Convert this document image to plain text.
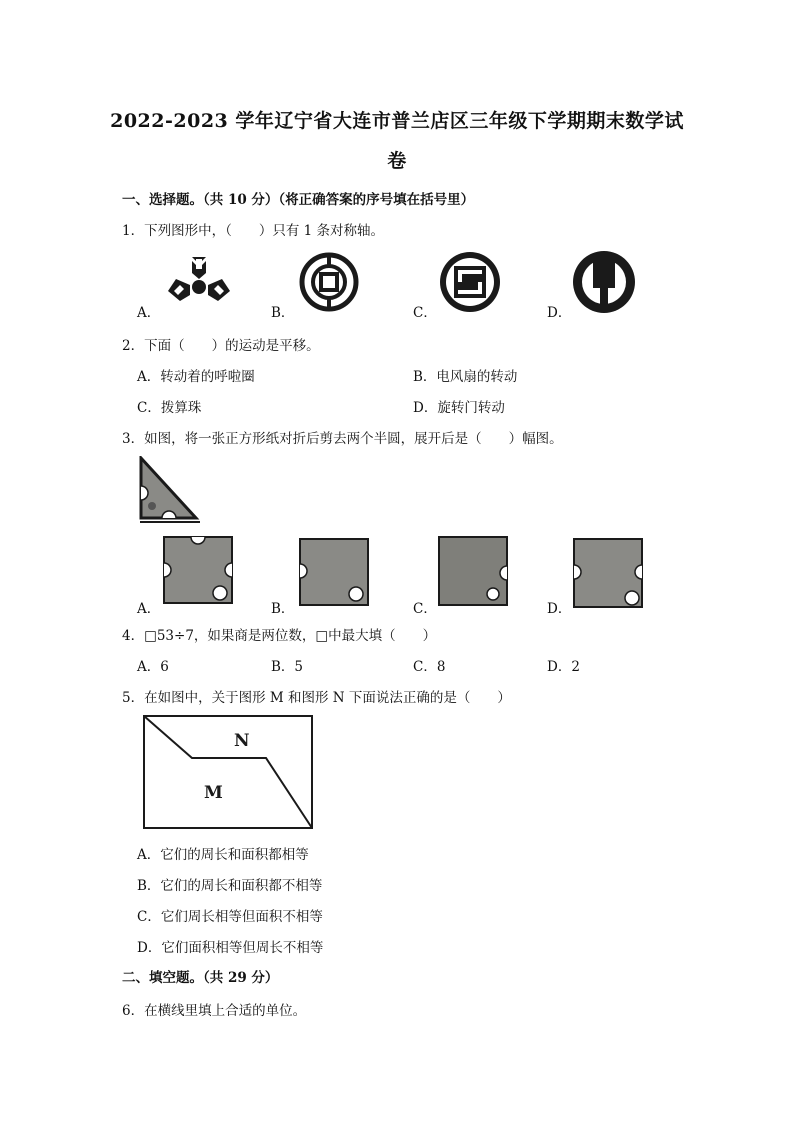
2022-2023 学年辽宁省大连市普兰店区三年级下学期期末数学试
卷
一、选择题。（共 10 分）（将正确答案的序号填在括号里）
1．下列图形中，（　　）只有 1 条对称轴。
A．	B．	C．	D．
2．下面（　　）的运动是平移。
A．转动着的呼啦圈	B．电风扇的转动
C．拨算珠	D．旋转门转动
3．如图，将一张正方形纸对折后剪去两个半圆，展开后是（　　）幅图。
A．	B．	C．	D．
4．□53÷7，如果商是两位数，□中最大填（　　）
A．6	B．5	C．8	D．2
5．在如图中，关于图形 M 和图形 N 下面说法正确的是（　　）
N
M
A．它们的周长和面积都相等
B．它们的周长和面积都不相等
C．它们周长相等但面积不相等
D．它们面积相等但周长不相等
二、填空题。（共 29 分）
6．在横线里填上合适的单位。
